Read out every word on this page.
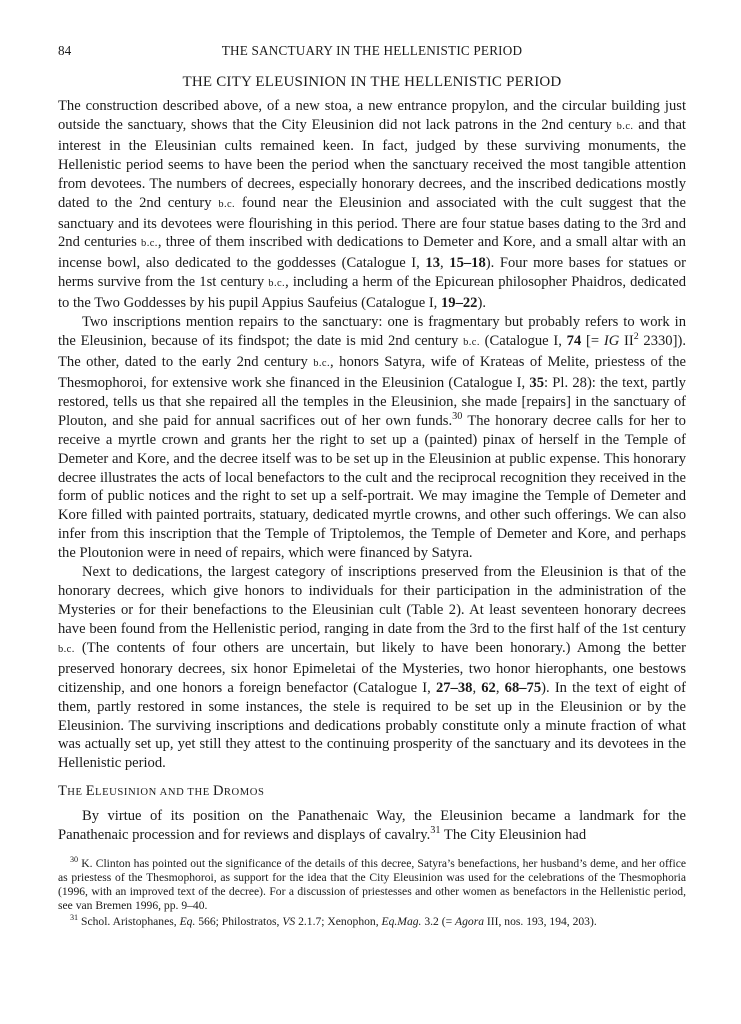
84	THE SANCTUARY IN THE HELLENISTIC PERIOD
THE CITY ELEUSINION IN THE HELLENISTIC PERIOD

The construction described above, of a new stoa, a new entrance propylon, and the circular building just outside the sanctuary, shows that the City Eleusinion did not lack patrons in the 2nd century b.c. and that interest in the Eleusinian cults remained keen. In fact, judged by these surviving monuments, the Hellenistic period seems to have been the period when the sanctuary received the most tangible attention from devotees. The numbers of decrees, especially honorary decrees, and the inscribed dedications mostly dated to the 2nd century b.c. found near the Eleusinion and associated with the cult suggest that the sanctuary and its devotees were flourishing in this period. There are four statue bases dating to the 3rd and 2nd centuries b.c., three of them inscribed with dedications to Demeter and Kore, and a small altar with an incense bowl, also dedicated to the goddesses (Catalogue I, 13, 15–18). Four more bases for statues or herms survive from the 1st century b.c., including a herm of the Epicurean philosopher Phaidros, dedicated to the Two Goddesses by his pupil Appius Saufeius (Catalogue I, 19–22).

Two inscriptions mention repairs to the sanctuary: one is fragmentary but probably refers to work in the Eleusinion, because of its findspot; the date is mid 2nd century b.c. (Catalogue I, 74 [= IG $II^2$ 2330]). The other, dated to the early 2nd century b.c., honors Satyra, wife of Krateas of Melite, priestess of the Thesmophoroi, for extensive work she financed in the Eleusinion (Catalogue I, 35: Pl. 28): the text, partly restored, tells us that she repaired all the temples in the Eleusinion, she made [repairs] in the sanctuary of Plouton, and she paid for annual sacrifices out of her own funds.$^{30}$ The honorary decree calls for her to receive a myrtle crown and grants her the right to set up a (painted) pinax of herself in the Temple of Demeter and Kore, and the decree itself was to be set up in the Eleusinion at public expense. This honorary decree illustrates the acts of local benefactors to the cult and the reciprocal recognition they received in the form of public notices and the right to set up a self-portrait. We may imagine the Temple of Demeter and Kore filled with painted portraits, statuary, dedicated myrtle crowns, and other such offerings. We can also infer from this inscription that the Temple of Triptolemos, the Temple of Demeter and Kore, and perhaps the Ploutonion were in need of repairs, which were financed by Satyra.

Next to dedications, the largest category of inscriptions preserved from the Eleusinion is that of the honorary decrees, which give honors to individuals for their participation in the administration of the Mysteries or for their benefactions to the Eleusinian cult (Table 2). At least seventeen honorary decrees have been found from the Hellenistic period, ranging in date from the 3rd to the first half of the 1st century b.c. (The contents of four others are uncertain, but likely to have been honorary.) Among the better preserved honorary decrees, six honor Epimeletai of the Mysteries, two honor hierophants, one bestows citizenship, and one honors a foreign benefactor (Catalogue I, 27–38, 62, 68–75). In the text of eight of them, partly restored in some instances, the stele is required to be set up in the Eleusinion or by the Eleusinion. The surviving inscriptions and dedications probably constitute only a minute fraction of what was actually set up, yet still they attest to the continuing prosperity of the sanctuary and its devotees in the Hellenistic period.

THE ELEUSINION AND THE DROMOS

By virtue of its position on the Panathenaic Way, the Eleusinion became a landmark for the Panathenaic procession and for reviews and displays of cavalry.$^{31}$ The City Eleusinion had

$^{30}$ K. Clinton has pointed out the significance of the details of this decree, Satyra’s benefactions, her husband’s deme, and her office as priestess of the Thesmophoroi, as support for the idea that the City Eleusinion was used for the celebrations of the Thesmophoria (1996, with an improved text of the decree). For a discussion of priestesses and other women as benefactors in the Hellenistic period, see van Bremen 1996, pp. 9–40.

$^{31}$ Schol. Aristophanes, Eq. 566; Philostratos, VS 2.1.7; Xenophon, Eq.Mag. 3.2 (= Agora III, nos. 193, 194, 203).
